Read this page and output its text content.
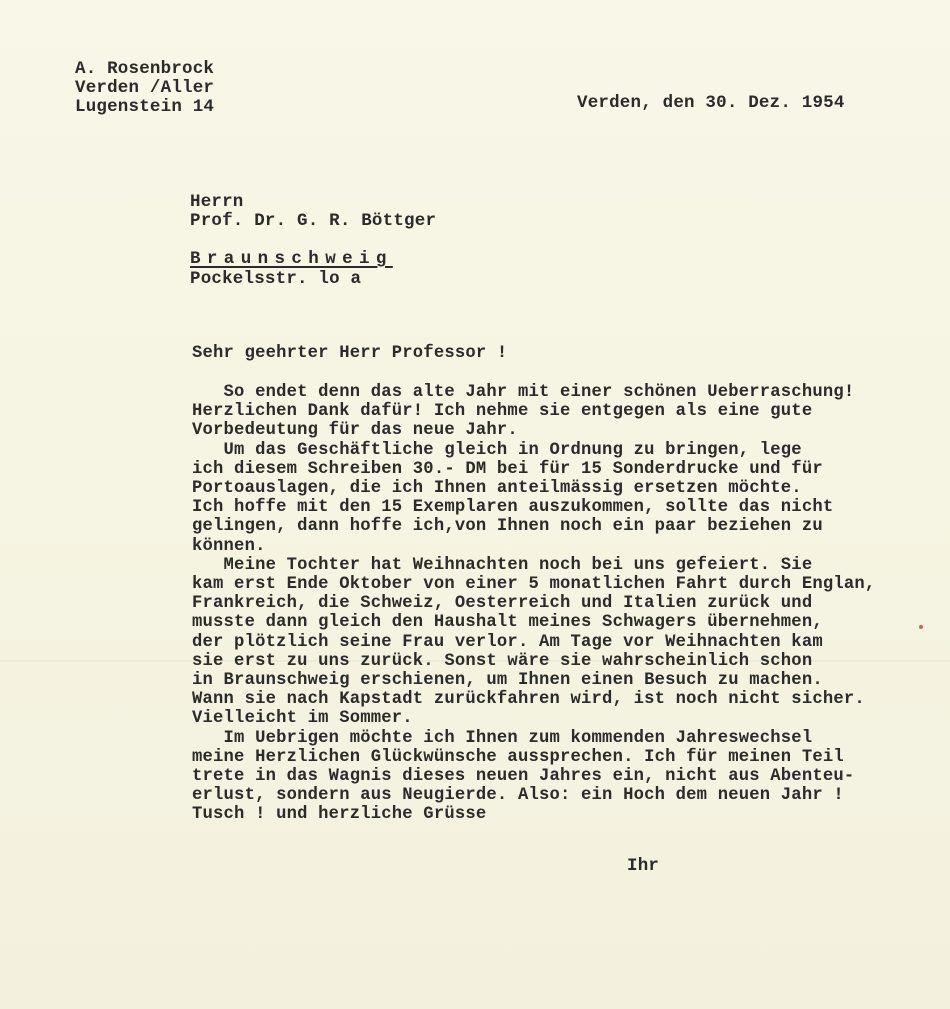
A. Rosenbrock
Verden /Aller
Lugenstein 14	Verden, den 30. Dez. 1954
Herrn
Prof. Dr. G. R. Böttger
Braunschweig
Pockelsstr. lo a
Sehr geehrter Herr Professor !
So endet denn das alte Jahr mit einer schönen Ueberraschung!
Herzlichen Dank dafür! Ich nehme sie entgegen als eine gute
Vorbedeutung für das neue Jahr.
Um das Geschäftliche gleich in Ordnung zu bringen, lege
ich diesem Schreiben 30.- DM bei für 15 Sonderdrucke und für
Portoauslagen, die ich Ihnen anteilmässig ersetzen möchte.
Ich hoffe mit den 15 Exemplaren auszukommen, sollte das nicht
gelingen, dann hoffe ich,von Ihnen noch ein paar beziehen zu
können.
Meine Tochter hat Weihnachten noch bei uns gefeiert. Sie
kam erst Ende Oktober von einer 5 monatlichen Fahrt durch Englan,
Frankreich, die Schweiz, Oesterreich und Italien zurück und
musste dann gleich den Haushalt meines Schwagers übernehmen,
der plötzlich seine Frau verlor. Am Tage vor Weihnachten kam
sie erst zu uns zurück. Sonst wäre sie wahrscheinlich schon
in Braunschweig erschienen, um Ihnen einen Besuch zu machen.
Wann sie nach Kapstadt zurückfahren wird, ist noch nicht sicher.
Vielleicht im Sommer.
Im Uebrigen möchte ich Ihnen zum kommenden Jahreswechsel
meine Herzlichen Glückwünsche aussprechen. Ich für meinen Teil
trete in das Wagnis dieses neuen Jahres ein, nicht aus Abenteu-
erlust, sondern aus Neugierde. Also: ein Hoch dem neuen Jahr !
Tusch ! und herzliche Grüsse
Ihr
